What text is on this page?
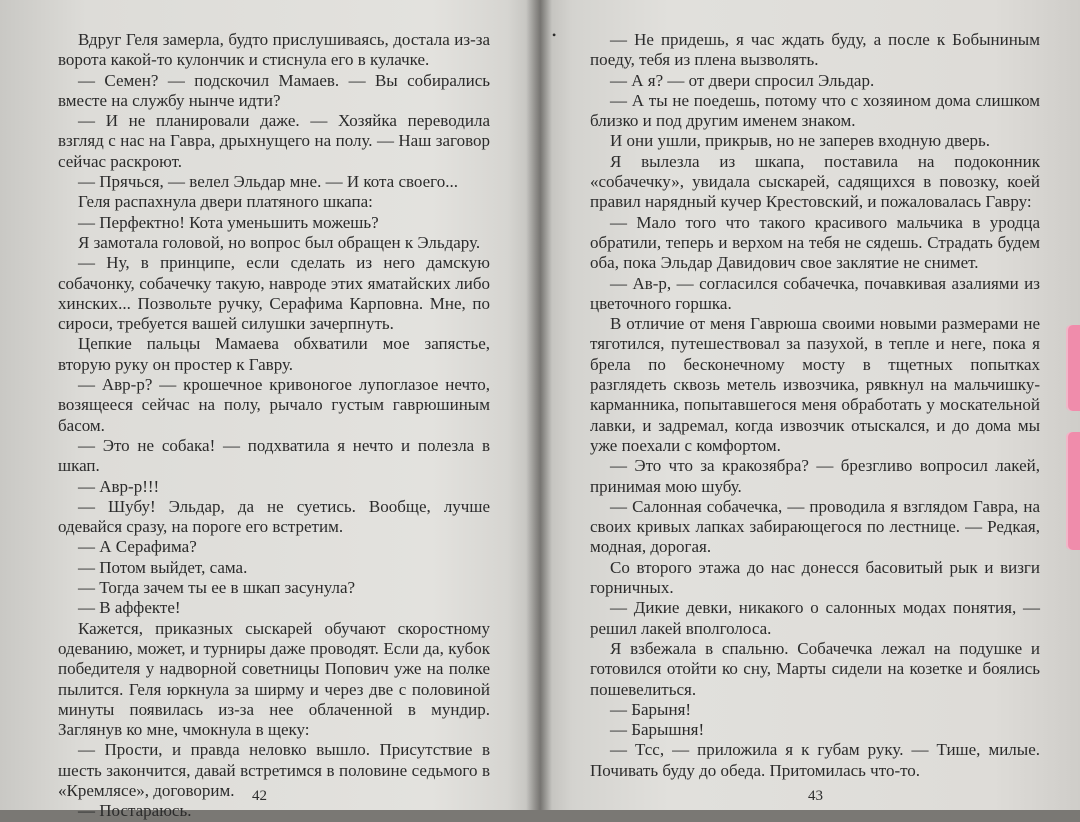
•

Вдруг Геля замерла, будто прислушиваясь, достала из-за ворота какой-то кулончик и стиснула его в кулачке.

— Семен? — подскочил Мамаев. — Вы собирались вместе на службу нынче идти?

— И не планировали даже. — Хозяйка переводила взгляд с нас на Гавра, дрыхнущего на полу. — Наш заговор сейчас раскроют.

— Прячься, — велел Эльдар мне. — И кота своего...

Геля распахнула двери платяного шкапа:

— Перфектно! Кота уменьшить можешь?

Я замотала головой, но вопрос был обращен к Эльдару.

— Ну, в принципе, если сделать из него дамскую собачонку, собачечку такую, навроде этих яматайских либо хинских... Позвольте ручку, Серафима Карповна. Мне, по сироси, требуется вашей силушки зачерпнуть.

Цепкие пальцы Мамаева обхватили мое запястье, вторую руку он простер к Гавру.

— Авр-р? — крошечное кривоногое лупоглазое нечто, возящееся сейчас на полу, рычало густым гаврюшиным басом.

— Это не собака! — подхватила я нечто и полезла в шкап.

— Авр-р!!!

— Шубу! Эльдар, да не суетись. Вообще, лучше одевайся сразу, на пороге его встретим.

— А Серафима?

— Потом выйдет, сама.

— Тогда зачем ты ее в шкап засунула?

— В аффекте!

Кажется, приказных сыскарей обучают скоростному одеванию, может, и турниры даже проводят. Если да, кубок победителя у надворной советницы Попович уже на полке пылится. Геля юркнула за ширму и через две с половиной минуты появилась из-за нее облаченной в мундир. Заглянув ко мне, чмокнула в щеку:

— Прости, и правда неловко вышло. Присутствие в шесть закончится, давай встретимся в половине седьмого в «Кремлясе», договорим.

— Постараюсь.

42

— Не придешь, я час ждать буду, а после к Бобыниным поеду, тебя из плена вызволять.

— А я? — от двери спросил Эльдар.

— А ты не поедешь, потому что с хозяином дома слишком близко и под другим именем знаком.

И они ушли, прикрыв, но не заперев входную дверь.

Я вылезла из шкапа, поставила на подоконник «собачечку», увидала сыскарей, садящихся в повозку, коей правил нарядный кучер Крестовский, и пожаловалась Гавру:

— Мало того что такого красивого мальчика в уродца обратили, теперь и верхом на тебя не сядешь. Страдать будем оба, пока Эльдар Давидович свое заклятие не снимет.

— Ав-р, — согласился собачечка, почавкивая азалиями из цветочного горшка.

В отличие от меня Гаврюша своими новыми размерами не тяготился, путешествовал за пазухой, в тепле и неге, пока я брела по бесконечному мосту в тщетных попытках разглядеть сквозь метель извозчика, рявкнул на мальчишку-карманника, попытавшегося меня обработать у москательной лавки, и задремал, когда извозчик отыскался, и до дома мы уже поехали с комфортом.

— Это что за кракозябра? — брезгливо вопросил лакей, принимая мою шубу.

— Салонная собачечка, — проводила я взглядом Гавра, на своих кривых лапках забирающегося по лестнице. — Редкая, модная, дорогая.

Со второго этажа до нас донесся басовитый рык и визги горничных.

— Дикие девки, никакого о салонных модах понятия, — решил лакей вполголоса.

Я взбежала в спальню. Собачечка лежал на подушке и готовился отойти ко сну, Марты сидели на козетке и боялись пошевелиться.

— Барыня!

— Барышня!

— Тсс, — приложила я к губам руку. — Тише, милые. Почивать буду до обеда. Притомилась что-то.

43
